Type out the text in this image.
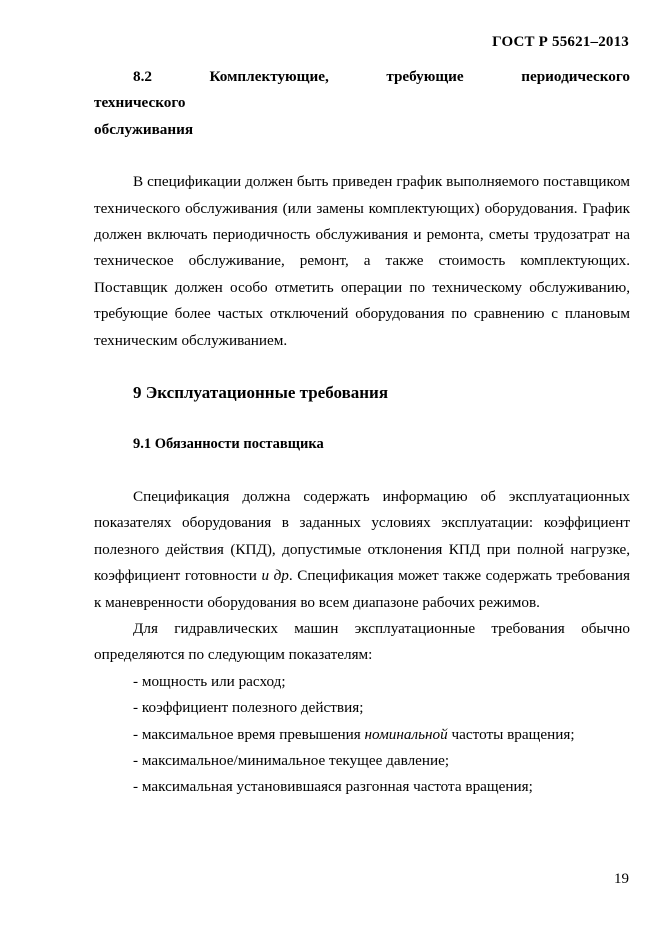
ГОСТ Р 55621–2013

8.2 Комплектующие, требующие периодического технического
обслуживания

В спецификации должен быть приведен график выполняемого поставщиком технического обслуживания (или замены комплектующих) оборудования. График должен включать периодичность обслуживания и ремонта, сметы трудозатрат на техническое обслуживание, ремонт, а также стоимость комплектующих. Поставщик должен особо отметить операции по техническому обслуживанию, требующие более частых отключений оборудования по сравнению с плановым техническим обслуживанием.

9 Эксплуатационные требования

9.1 Обязанности поставщика

Спецификация должна содержать информацию об эксплуатационных показателях оборудования в заданных условиях эксплуатации: коэффициент полезного действия (КПД), допустимые отклонения КПД при полной нагрузке, коэффициент готовности и др. Спецификация может также содержать требования к маневренности оборудования во всем диапазоне рабочих режимов.

Для гидравлических машин эксплуатационные требования обычно определяются по следующим показателям:

- мощность или расход;

- коэффициент полезного действия;

- максимальное время превышения номинальной частоты вращения;

- максимальное/минимальное текущее давление;

- максимальная установившаяся разгонная частота вращения;

19
